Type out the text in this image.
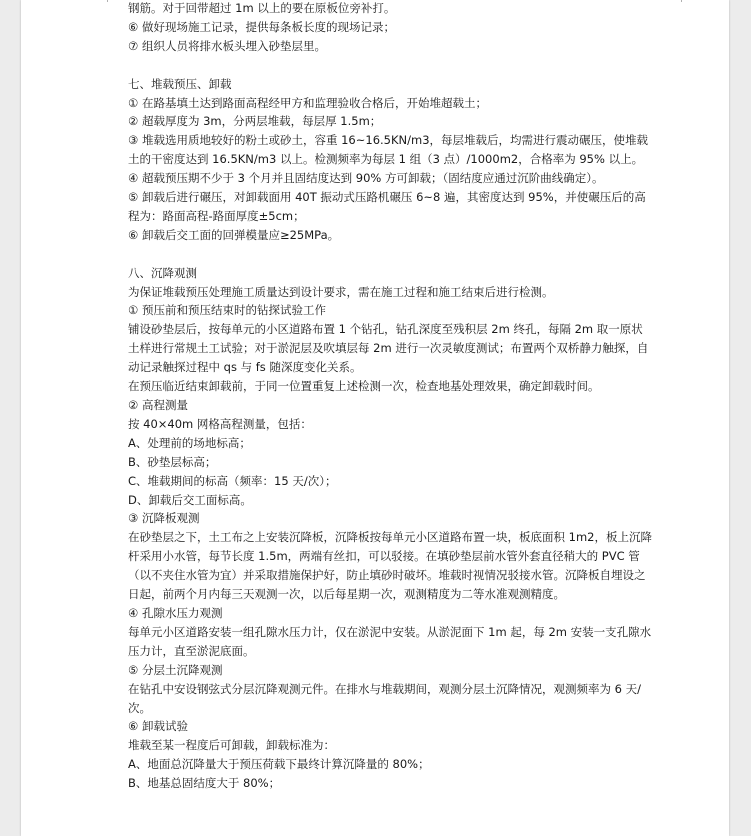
钢筋。对于回带超过 1m 以上的要在原板位旁补打。

⑥ 做好现场施工记录，提供每条板长度的现场记录；

⑦ 组织人员将排水板头埋入砂垫层里。

七、堆载预压、卸载

① 在路基填土达到路面高程经甲方和监理验收合格后，开始堆超载土；

② 超载厚度为 3m，分两层堆载，每层厚 1.5m；

③ 堆载选用质地较好的粉土或砂土，容重 16~16.5KN/m3，每层堆载后，均需进行震动碾压，使堆载土的干密度达到 16.5KN/m3 以上。检测频率为每层 1 组（3 点）/1000m2，合格率为 95% 以上。

④ 超载预压期不少于 3 个月并且固结度达到 90% 方可卸载；（固结度应通过沉阶曲线确定）。

⑤ 卸载后进行碾压，对卸载面用 40T 振动式压路机碾压 6~8 遍，其密度达到 95%，并使碾压后的高程为：路面高程-路面厚度±5cm；

⑥ 卸载后交工面的回弹模量应≥25MPa。

八、沉降观测

为保证堆载预压处理施工质量达到设计要求，需在施工过程和施工结束后进行检测。

① 预压前和预压结束时的钻探试验工作

铺设砂垫层后，按每单元的小区道路布置 1 个钻孔，钻孔深度至残积层 2m 终孔，每隔 2m 取一原状土样进行常规土工试验；对于淤泥层及吹填层每 2m 进行一次灵敏度测试；布置两个双桥静力触探，自动记录触探过程中 qs 与 fs 随深度变化关系。

在预压临近结束卸载前，于同一位置重复上述检测一次，检查地基处理效果，确定卸载时间。

② 高程测量

按 40×40m 网格高程测量，包括：

A、处理前的场地标高；

B、砂垫层标高；

C、堆载期间的标高（频率：15 天/次）；

D、卸载后交工面标高。

③ 沉降板观测

在砂垫层之下，土工布之上安装沉降板，沉降板按每单元小区道路布置一块，板底面积 1m2，板上沉降杆采用小水管，每节长度 1.5m，两端有丝扣，可以驳接。在填砂垫层前水管外套直径稍大的 PVC 管（以不夹住水管为宜）并采取措施保护好，防止填砂时破坏。堆载时视情况驳接水管。沉降板自埋设之日起，前两个月内每三天观测一次，以后每星期一次，观测精度为二等水准观测精度。

④ 孔隙水压力观测

每单元小区道路安装一组孔隙水压力计，仅在淤泥中安装。从淤泥面下 1m 起，每 2m 安装一支孔隙水压力计，直至淤泥底面。

⑤ 分层土沉降观测

在钻孔中安设钢弦式分层沉降观测元件。在排水与堆载期间，观测分层土沉降情况，观测频率为 6 天/次。

⑥ 卸载试验

堆载至某一程度后可卸载，卸载标准为：

A、地面总沉降量大于预压荷载下最终计算沉降量的 80%；

B、地基总固结度大于 80%；
